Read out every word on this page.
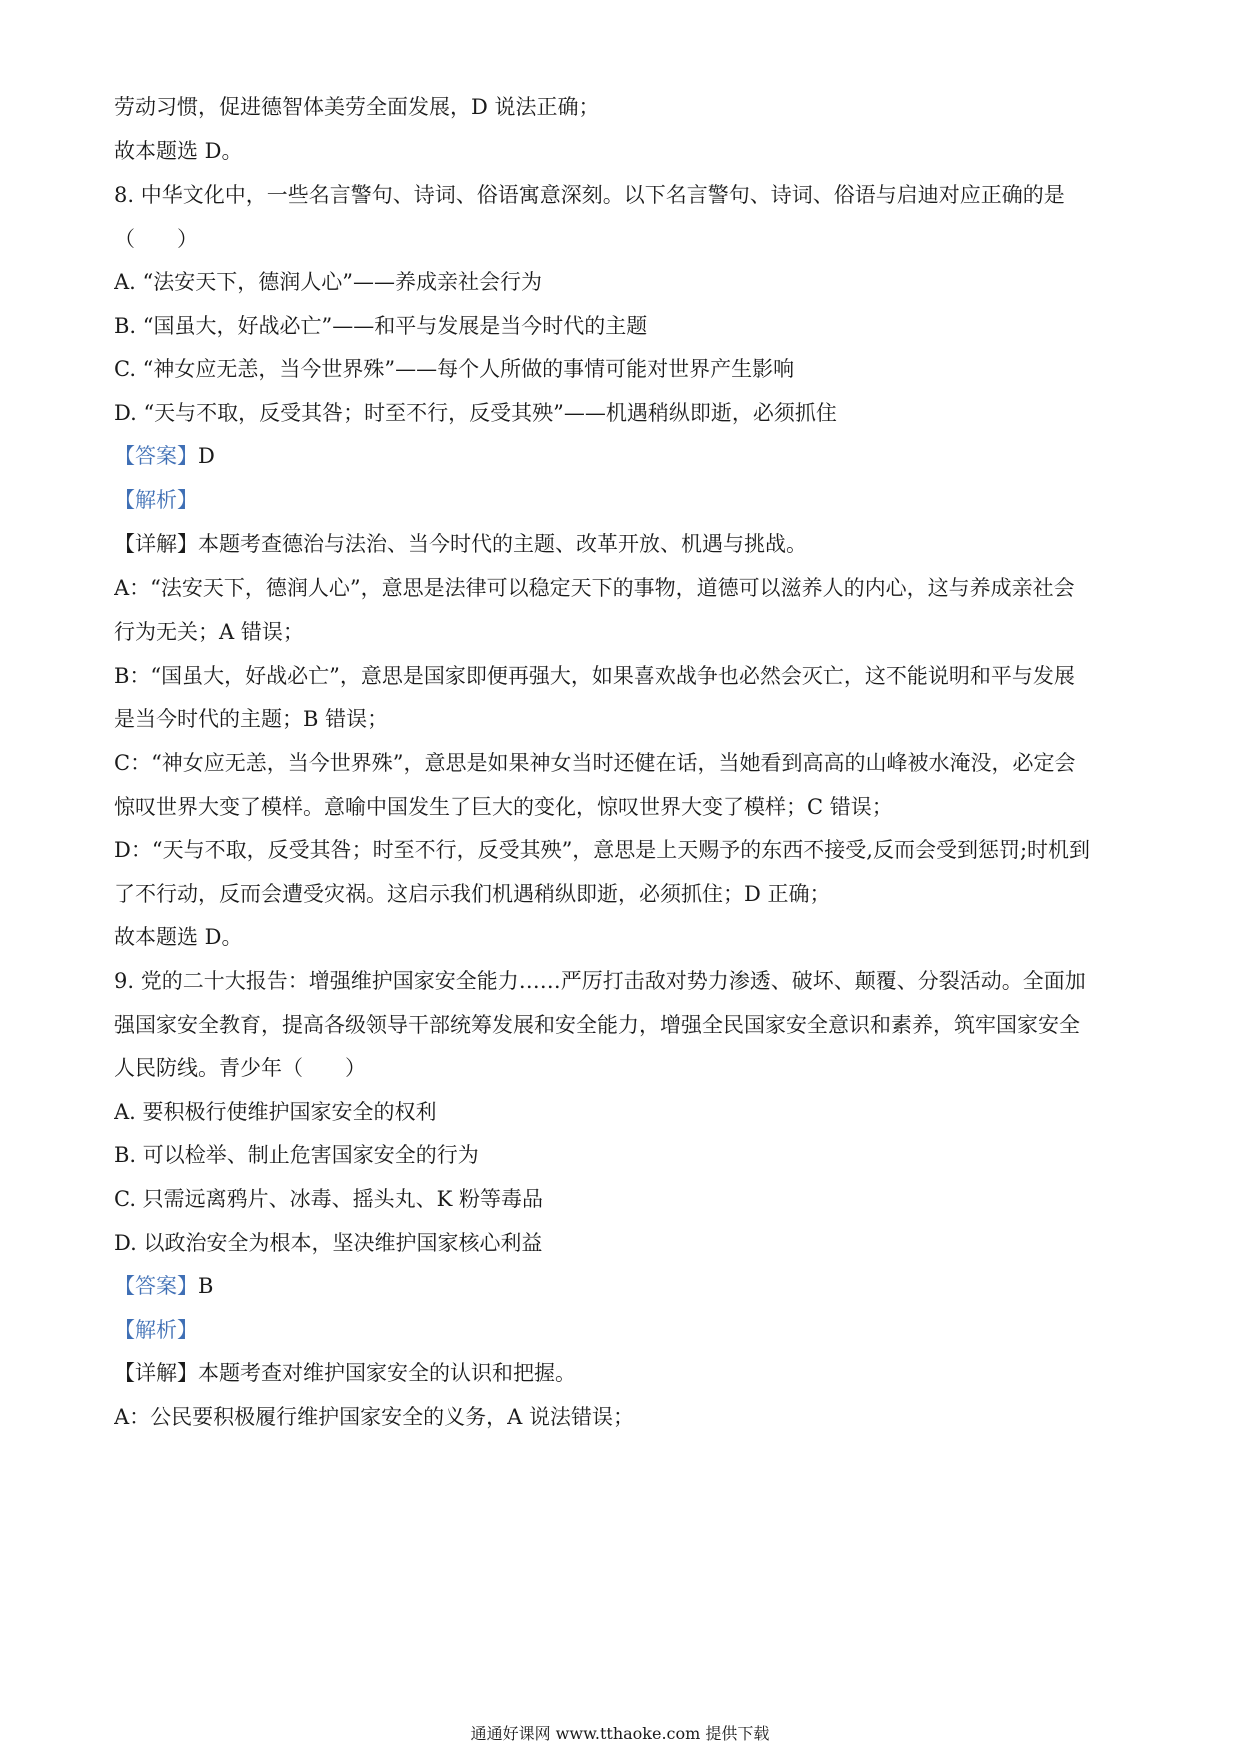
劳动习惯，促进德智体美劳全面发展，D 说法正确；
故本题选 D。
8. 中华文化中，一些名言警句、诗词、俗语寓意深刻。以下名言警句、诗词、俗语与启迪对应正确的是
（　　）
A. “法安天下，德润人心”——养成亲社会行为
B. “国虽大，好战必亡”——和平与发展是当今时代的主题
C. “神女应无恙，当今世界殊”——每个人所做的事情可能对世界产生影响
D. “天与不取，反受其咎；时至不行，反受其殃”——机遇稍纵即逝，必须抓住
【答案】D
【解析】
【详解】本题考查德治与法治、当今时代的主题、改革开放、机遇与挑战。
A：“法安天下，德润人心”，意思是法律可以稳定天下的事物，道德可以滋养人的内心，这与养成亲社会
行为无关；A 错误；
B：“国虽大，好战必亡”，意思是国家即便再强大，如果喜欢战争也必然会灭亡，这不能说明和平与发展
是当今时代的主题；B 错误；
C：“神女应无恙，当今世界殊”，意思是如果神女当时还健在话，当她看到高高的山峰被水淹没，必定会
惊叹世界大变了模样。意喻中国发生了巨大的变化，惊叹世界大变了模样；C 错误；
D：“天与不取，反受其咎；时至不行，反受其殃”，意思是上天赐予的东西不接受,反而会受到惩罚;时机到
了不行动，反而会遭受灾祸。这启示我们机遇稍纵即逝，必须抓住；D 正确；
故本题选 D。
9. 党的二十大报告：增强维护国家安全能力……严厉打击敌对势力渗透、破坏、颠覆、分裂活动。全面加
强国家安全教育，提高各级领导干部统筹发展和安全能力，增强全民国家安全意识和素养，筑牢国家安全
人民防线。青少年（　　）
A. 要积极行使维护国家安全的权利
B. 可以检举、制止危害国家安全的行为
C. 只需远离鸦片、冰毒、摇头丸、K 粉等毒品
D. 以政治安全为根本，坚决维护国家核心利益
【答案】B
【解析】
【详解】本题考查对维护国家安全的认识和把握。
A：公民要积极履行维护国家安全的义务，A 说法错误；
通通好课网 www.tthaoke.com 提供下载
